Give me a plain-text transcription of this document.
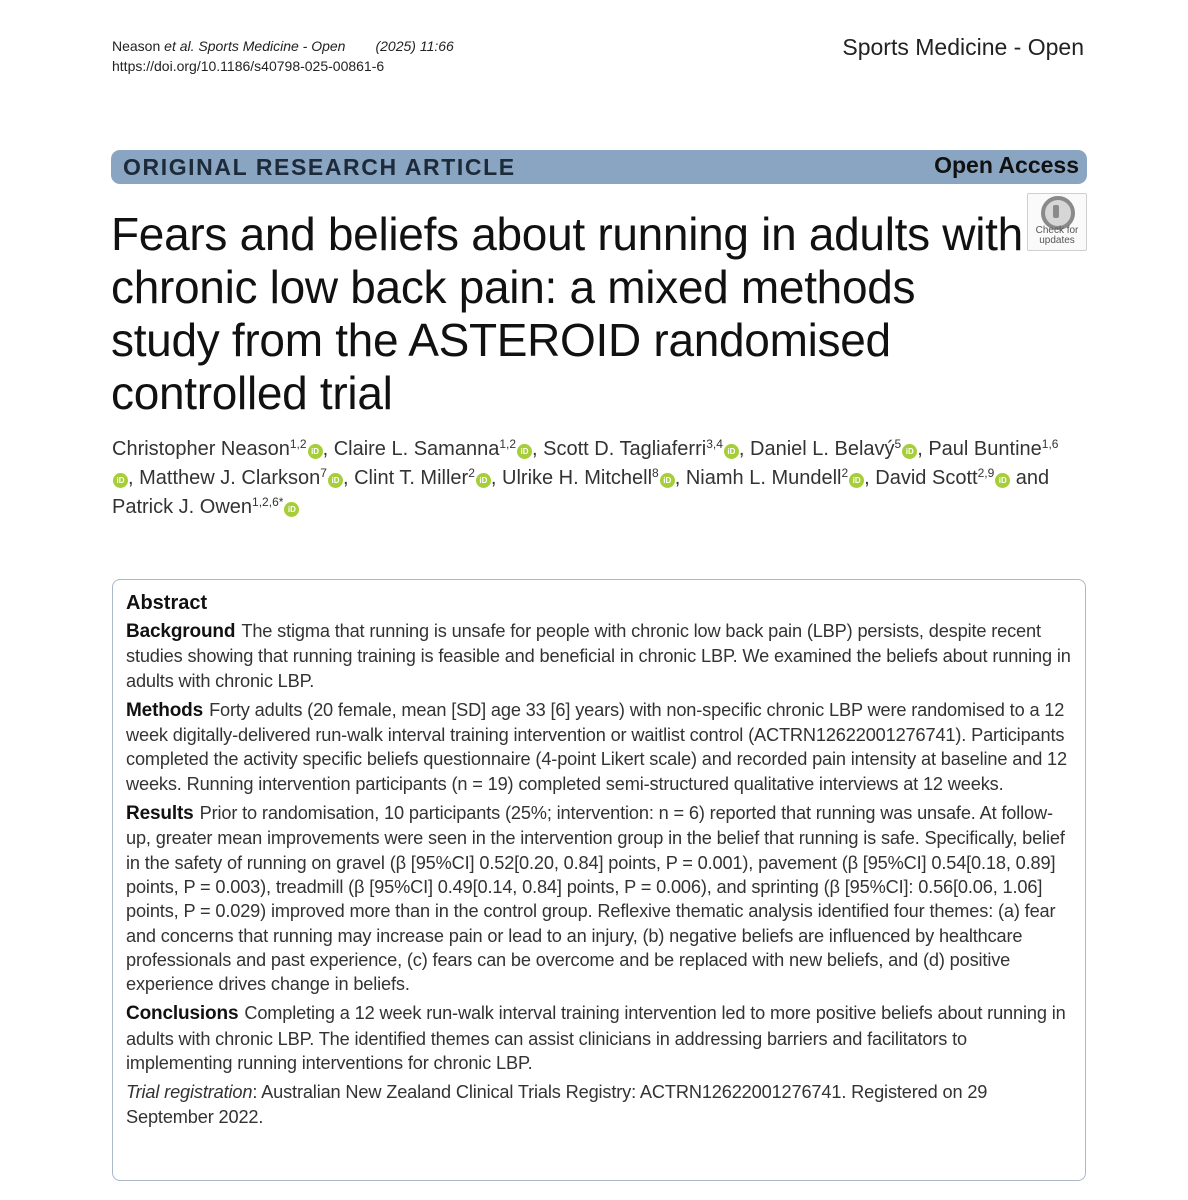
Neason et al. Sports Medicine - Open (2025) 11:66
https://doi.org/10.1186/s40798-025-00861-6
Sports Medicine - Open
ORIGINAL RESEARCH ARTICLE	Open Access
Check for updates
Fears and beliefs about running in adults with chronic low back pain: a mixed methods study from the ASTEROID randomised controlled trial
Christopher Neason$^{1,2}$iD , Claire L. Samanna$^{1,2}$iD , Scott D. Tagliaferri$^{3,4}$iD , Daniel L. Belavý$^5$iD , Paul Buntine$^{1,6}$iD , Matthew J. Clarkson$^7$iD , Clint T. Miller$^2$iD , Ulrike H. Mitchell$^8$iD , Niamh L. Mundell$^2$iD , David Scott$^{2,9}$iD and Patrick J. Owen$^{1,2,6*}$iD
Abstract

Background The stigma that running is unsafe for people with chronic low back pain (LBP) persists, despite recent studies showing that running training is feasible and beneficial in chronic LBP. We examined the beliefs about running in adults with chronic LBP.

Methods Forty adults (20 female, mean [SD] age 33 [6] years) with non-specific chronic LBP were randomised to a 12 week digitally-delivered run-walk interval training intervention or waitlist control (ACTRN12622001276741). Participants completed the activity specific beliefs questionnaire (4-point Likert scale) and recorded pain intensity at baseline and 12 weeks. Running intervention participants (n = 19) completed semi-structured qualitative interviews at 12 weeks.

Results Prior to randomisation, 10 participants (25%; intervention: n = 6) reported that running was unsafe. At follow-up, greater mean improvements were seen in the intervention group in the belief that running is safe. Specifically, belief in the safety of running on gravel (β [95%CI] 0.52[0.20, 0.84] points, P = 0.001), pavement (β [95%CI] 0.54[0.18, 0.89] points, P = 0.003), treadmill (β [95%CI] 0.49[0.14, 0.84] points, P = 0.006), and sprinting (β [95%CI]: 0.56[0.06, 1.06] points, P = 0.029) improved more than in the control group. Reflexive thematic analysis identified four themes: (a) fear and concerns that running may increase pain or lead to an injury, (b) negative beliefs are influenced by healthcare professionals and past experience, (c) fears can be overcome and be replaced with new beliefs, and (d) positive experience drives change in beliefs.

Conclusions Completing a 12 week run-walk interval training intervention led to more positive beliefs about running in adults with chronic LBP. The identified themes can assist clinicians in addressing barriers and facilitators to implementing running interventions for chronic LBP.

Trial registration: Australian New Zealand Clinical Trials Registry: ACTRN12622001276741. Registered on 29 September 2022.
